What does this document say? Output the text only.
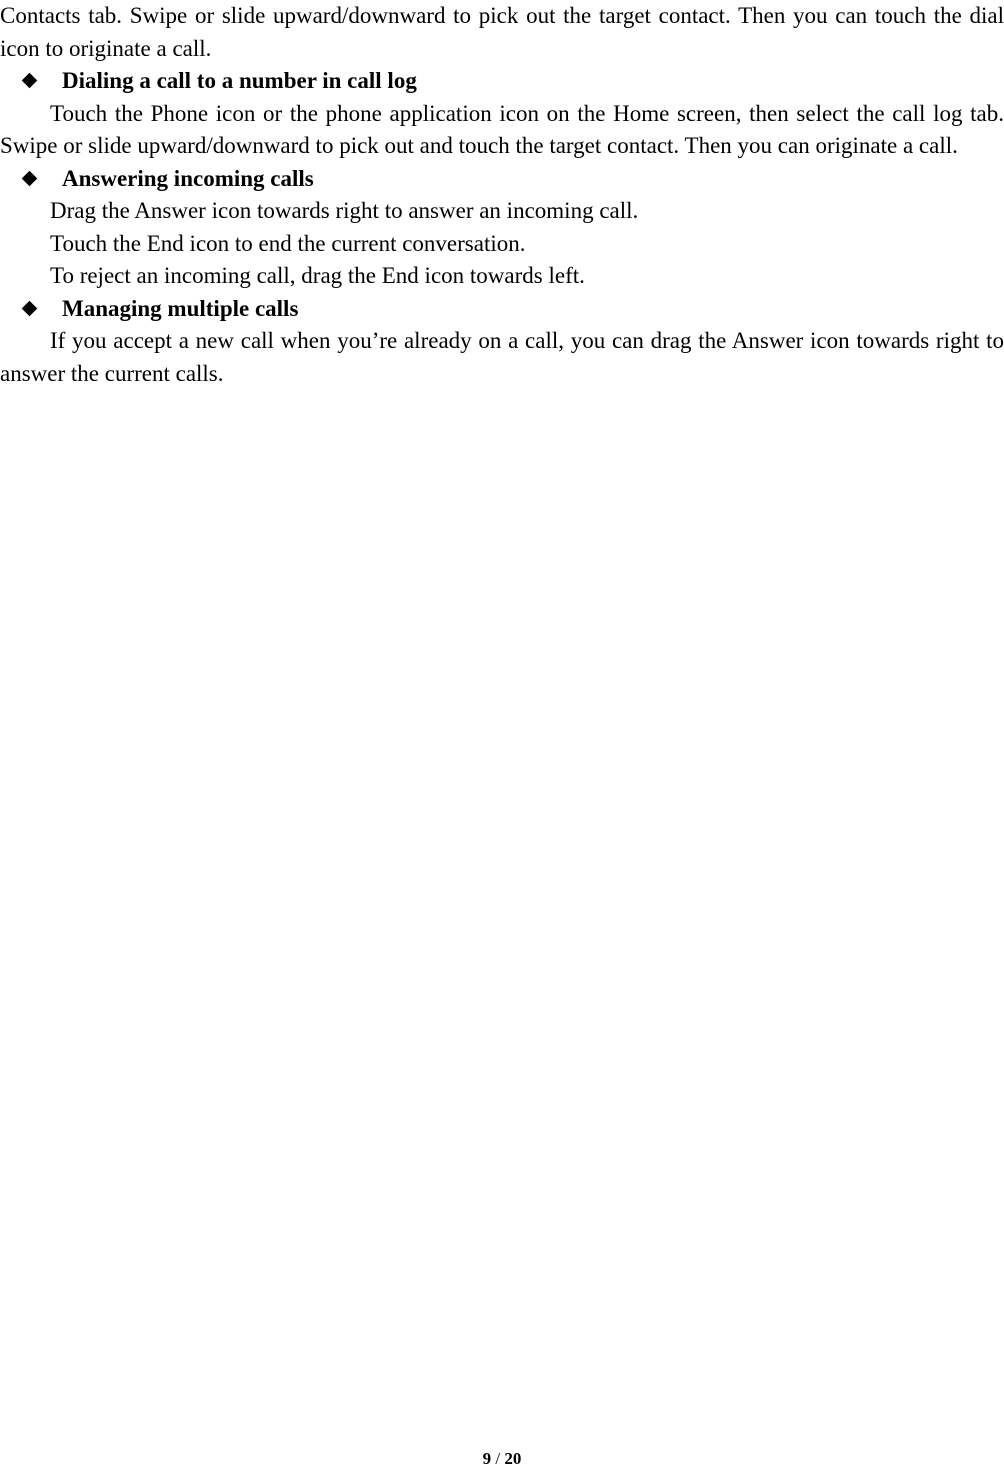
Contacts tab. Swipe or slide upward/downward to pick out the target contact. Then you can touch the dial icon to originate a call.

Dialing a call to a number in call log

Touch the Phone icon or the phone application icon on the Home screen, then select the call log tab. Swipe or slide upward/downward to pick out and touch the target contact. Then you can originate a call.

Answering incoming calls

Drag the Answer icon towards right to answer an incoming call.

Touch the End icon to end the current conversation.

To reject an incoming call, drag the End icon towards left.

Managing multiple calls

If you accept a new call when you’re already on a call, you can drag the Answer icon towards right to answer the current calls.

9 / 20
